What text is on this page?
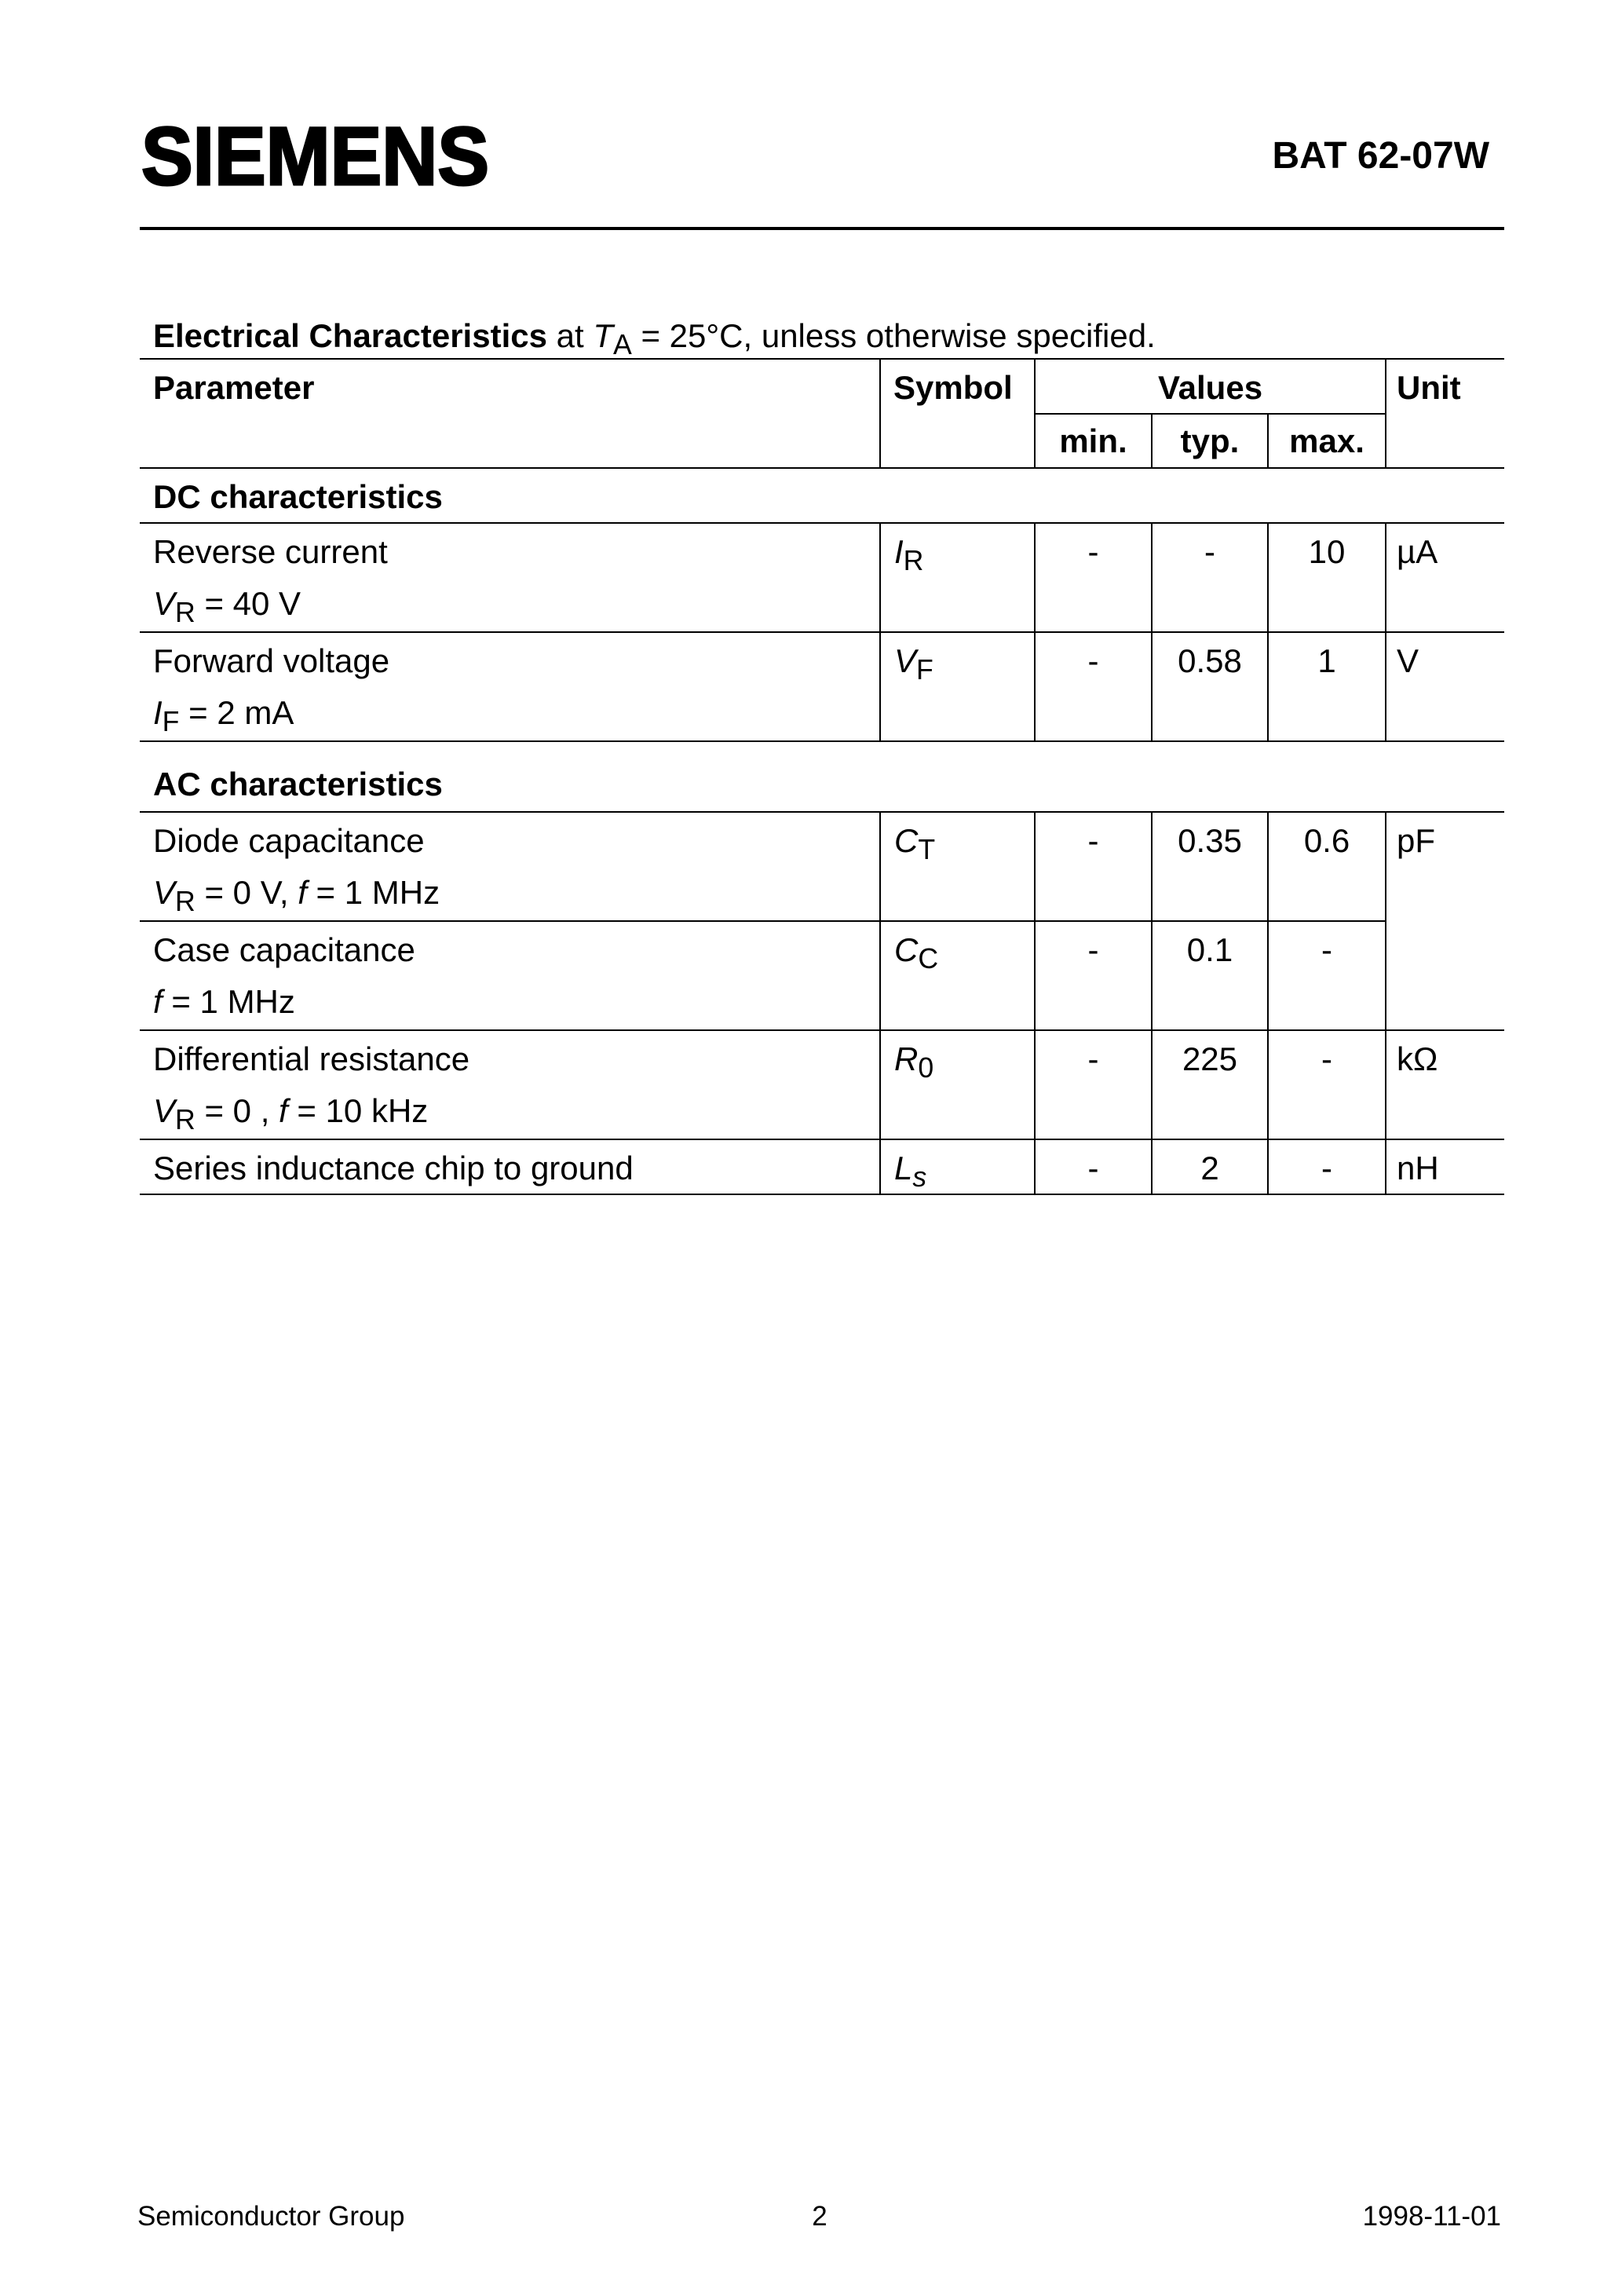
SIEMENS	BAT 62-07W
Electrical Characteristics at TA = 25°C, unless otherwise specified.
Parameter	Symbol	Values			Unit
		min.	typ.	max.	
DC characteristics					

Reverse current
VR = 40 V	IR	-	-	10	µA

Forward voltage
IF = 2 mA	VF	-	0.58	1	V
AC characteristics					

Diode capacitance
VR = 0 V, f = 1 MHz	CT	-	0.35	0.6	pF

Case capacitance
f = 1 MHz	CC	-	0.1	-	

Differential resistance
VR = 0 , f = 10 kHz	R0	-	225	-	kΩ

Series inductance chip to ground	Ls	-	2	-	nH
Semiconductor Group	2	1998-11-01
